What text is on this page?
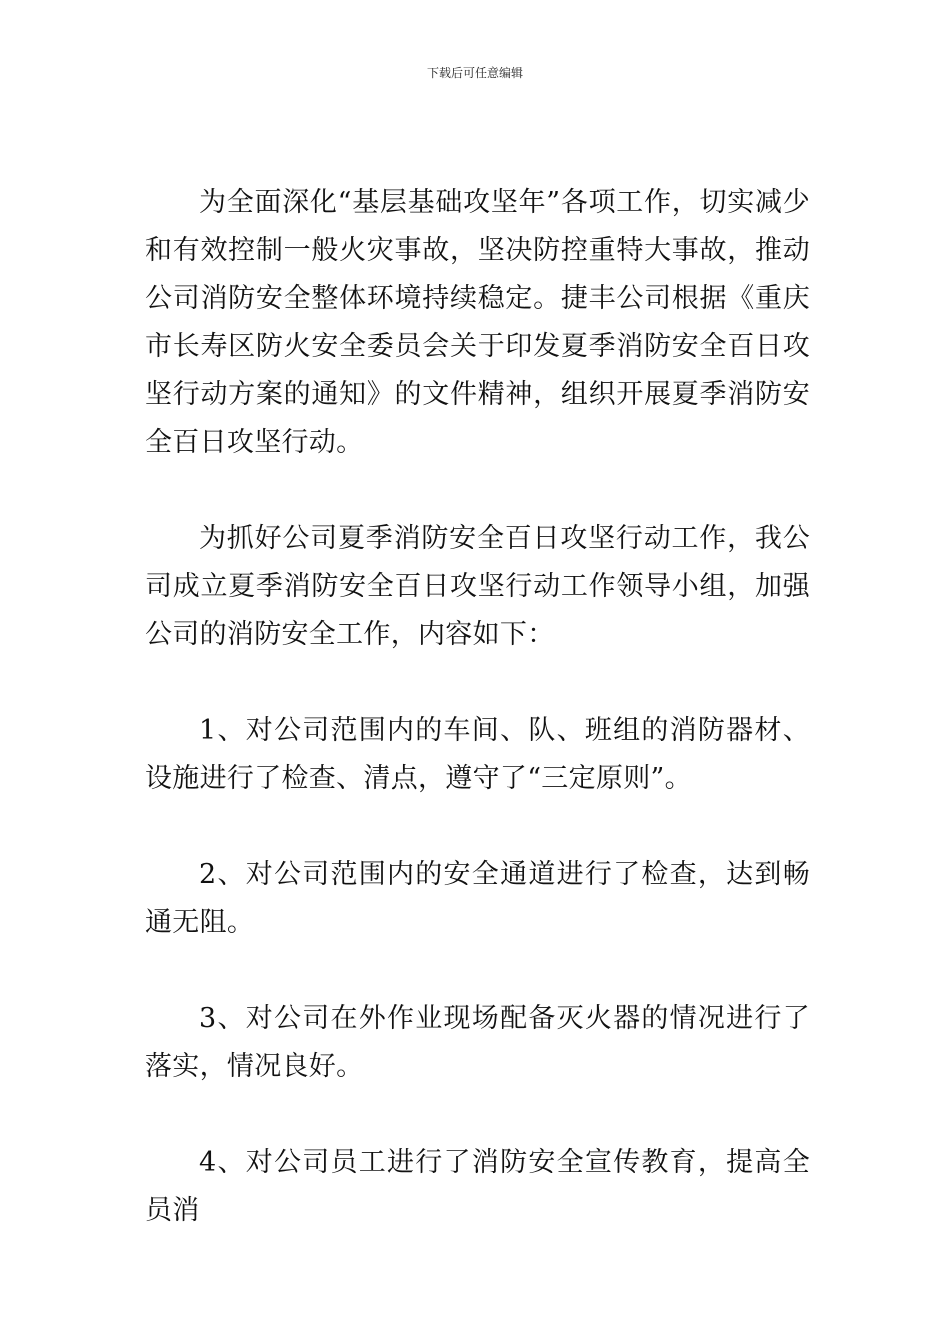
下载后可任意编辑

为全面深化“基层基础攻坚年”各项工作，切实减少和有效控制一般火灾事故，坚决防控重特大事故，推动公司消防安全整体环境持续稳定。捷丰公司根据《重庆市长寿区防火安全委员会关于印发夏季消防安全百日攻坚行动方案的通知》的文件精神，组织开展夏季消防安全百日攻坚行动。

为抓好公司夏季消防安全百日攻坚行动工作，我公司成立夏季消防安全百日攻坚行动工作领导小组，加强公司的消防安全工作，内容如下：

1、对公司范围内的车间、队、班组的消防器材、设施进行了检查、清点，遵守了“三定原则”。

2、对公司范围内的安全通道进行了检查，达到畅通无阻。

3、对公司在外作业现场配备灭火器的情况进行了落实，情况良好。

4、对公司员工进行了消防安全宣传教育，提高全员消
